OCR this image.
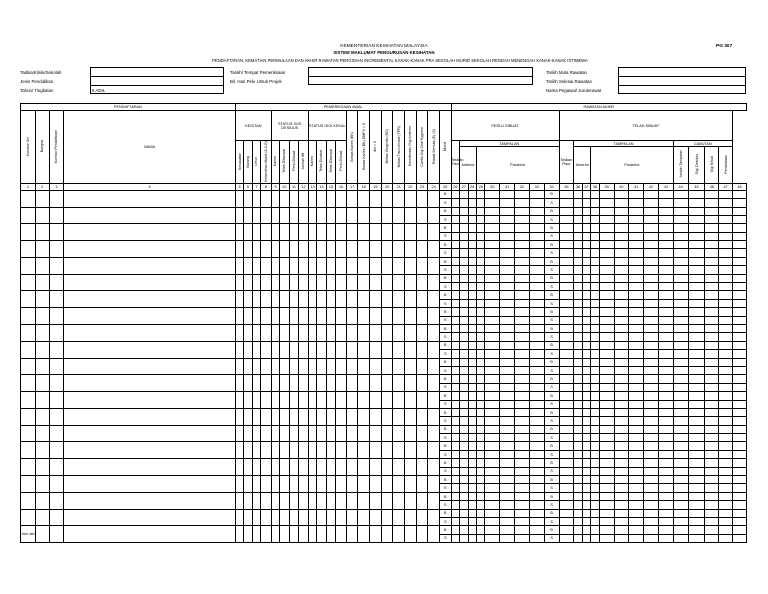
KEMENTERIAN KESIHATAN MALAYSIA
SISTEM MAKLUMAT PENGURUSAN KESIHATAN
PG 307
PENDAFTARAN, KEMATIAN PERMULAAN DAN AKHIR RAWATAN PERGIGIAN INCREMENTAL KANAK-KANAK PRA SEKOLAH MURID SEKOLAH RENDAH MENENGAH KANAK-KANAK ISTIMEWA
Tadika/Klinik/Sekolah
Jenis Pendidikan
Tahun/ Tingkatan	6 ADIL
Tarikh/ Tempat Pemeriksaan
Bil. Hari Pelu Untuk Projek
Tarikh Mula Rawatan
Tarikh Selesai Rawatan
Nama Pegawai/ Juruterawat
PENDAFTARAN				PEMERIKSAAN AWAL																					RAWATAN AKHIR																						
Nombor Siri	Bangsa	Nombor Pendaftaran	NAMA	KEGITAN				STATUS GIGI DESIDUS				STATUS GIGI KEKAL				Bebas Karies (BK)	Bebas Karies (BK) DMFX = 0	dfx = 0	Bebas Gingivitis (BG)	Bebas Tisu Lembut (TPR)	Kecederaan Gigi Anterior	Cantik Gigi Oral Hygiene	Rawat Semula (E) (S)	Murid	PERLU DIBUAT									TELAH DIBUAT													
				Kecacatan	Barang	Umur	Kebersihan Mulut (A,C,E)	Karies	Telah Ditampal	Perlu Dibuat	Jumlah dft	Karies	Telah Dicabut	Telah Ditampal	Perlu Dibuat										Sealan Fisur	TAMPALAN								Sealan Fisur	TAMPALAN								CABUTAN				
																										Anterior		Posterior							Anterior		Posterior						Jumlah Tampalan	Gigi Desidus	Gigi Kekal	Penskalaan	
1	2	3	4	5	6	7	8	9	10	11	12	13	14	15	16	17	18	19	20	21	22	23	24	25	26	27	28	29	30	31	32	33	34	35	36	37	38	39	40	41	42	43	44	45	46	47	48
																								B									B														
																								S									S														
																								B									B														
																								S									S														
																								B									B														
																								S									S														
																								B									B														
																								S									S														
																								B									B														
																								S									S														
																								B									B														
																								S									S														
																								B									B														
																								S									S														
																								B									B														
																								S									S														
																								B									B														
																								S									S														
																								B									B														
																								S									S														
																								B									B														
																								S									S														
																								B									B														
																								S									S														
																								B									B														
																								S									S														
																								B									B														
																								S									S														
																								B									B														
																								S									S														
																								B									B														
																								S									S														
																								B									B														
																								S									S														
																								B									B														
																								S									S														
																								B									B														
																								S									S														
																								B									B														
																								S									S														
Jum-lah																								B									B														
																								S									S														
